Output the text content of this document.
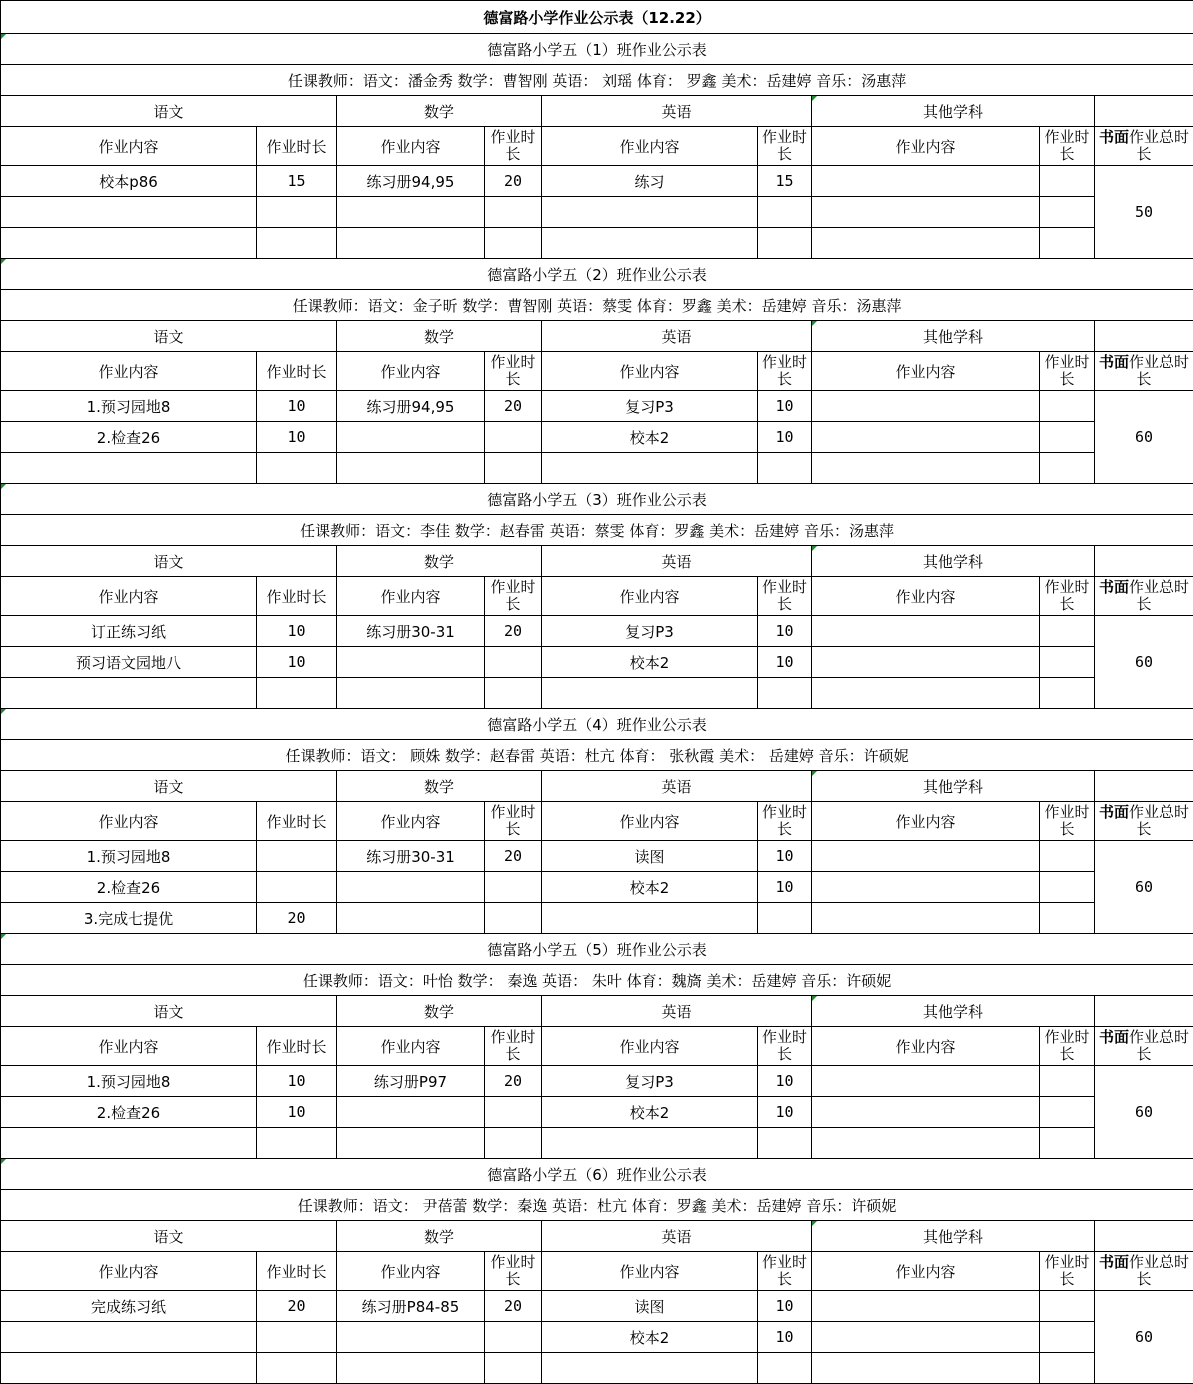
德富路小学作业公示表（12.22）								

德富路小学五（1）班作业公示表								
任课教师：语文：潘金秀 数学：曹智刚 英语： 刘瑶 体育： 罗鑫 美术：岳建婷 音乐：汤惠萍								
语文		数学		英语		其他学科		
作业内容	作业时长	作业内容	作业时长	作业内容	作业时长	作业内容	作业时长	书面作业总时长
校本p86	15	练习册94,95	20	练习	15			50

德富路小学五（2）班作业公示表								
任课教师：语文：金子昕 数学：曹智刚 英语：蔡雯 体育：罗鑫 美术：岳建婷 音乐：汤惠萍								
语文		数学		英语		其他学科		
作业内容	作业时长	作业内容	作业时长	作业内容	作业时长	作业内容	作业时长	书面作业总时长
1.预习园地8	10	练习册94,95	20	复习P3	10			60
2.检查26	10			校本2	10			

德富路小学五（3）班作业公示表								
任课教师：语文：李佳 数学：赵春雷 英语：蔡雯 体育：罗鑫 美术：岳建婷 音乐：汤惠萍								
语文		数学		英语		其他学科		
作业内容	作业时长	作业内容	作业时长	作业内容	作业时长	作业内容	作业时长	书面作业总时长
订正练习纸	10	练习册30-31	20	复习P3	10			60
预习语文园地八	10			校本2	10			

德富路小学五（4）班作业公示表								
任课教师：语文： 顾姝 数学：赵春雷 英语：杜亢 体育： 张秋霞 美术： 岳建婷 音乐：许硕妮								
语文		数学		英语		其他学科		
作业内容	作业时长	作业内容	作业时长	作业内容	作业时长	作业内容	作业时长	书面作业总时长
1.预习园地8		练习册30-31	20	读图	10			60
2.检查26				校本2	10			
3.完成七提优	20							

德富路小学五（5）班作业公示表								
任课教师：语文：叶怡 数学： 秦逸 英语： 朱叶 体育：魏旖 美术：岳建婷 音乐：许硕妮								
语文		数学		英语		其他学科		
作业内容	作业时长	作业内容	作业时长	作业内容	作业时长	作业内容	作业时长	书面作业总时长
1.预习园地8	10	练习册P97	20	复习P3	10			60
2.检查26	10			校本2	10			

德富路小学五（6）班作业公示表								
任课教师：语文： 尹蓓蕾 数学：秦逸 英语：杜亢 体育：罗鑫 美术：岳建婷 音乐：许硕妮								
语文		数学		英语		其他学科		
作业内容	作业时长	作业内容	作业时长	作业内容	作业时长	作业内容	作业时长	书面作业总时长
完成练习纸	20	练习册P84-85	20	读图	10			60
				校本2	10			
